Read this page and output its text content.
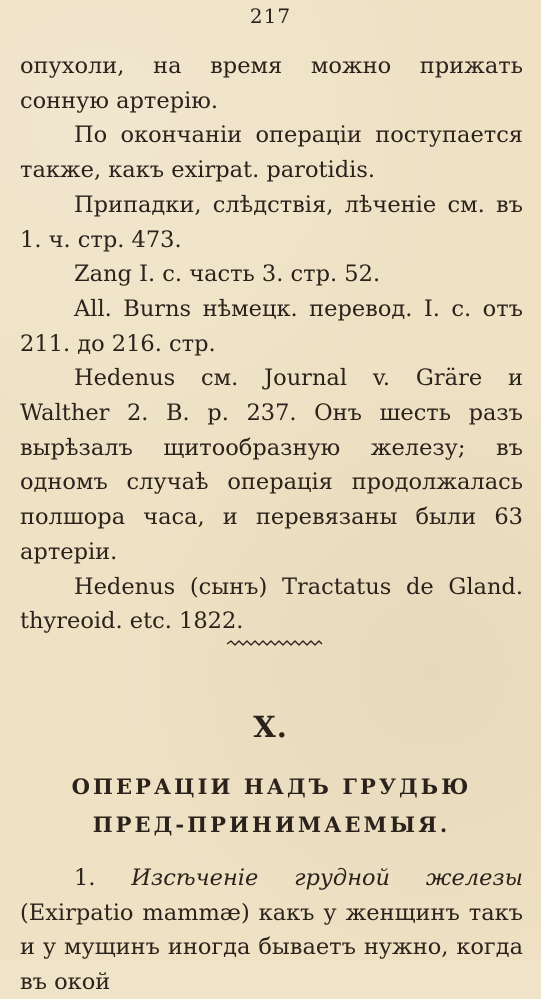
217

опухоли, на время можно прижать сонную артерію.

По окончаніи операціи поступается также, какъ exirpat. parotidis.

Припадки, слѣдствія, лѣченіе см. въ 1. ч. стр. 473.

Zang I. c. часть 3. стр. 52.

All. Burns нѣмецк. перевод. I. c. отъ 211. до 216. стр.

Hedenus см. Journal v. Gräre и Walther 2. B. p. 237. Онъ шесть разъ вырѣзалъ щитообразную железу; въ одномъ случаѣ операція продолжалась полшора часа, и перевязаны были 63 артеріи.

Hedenus (сынъ) Tractatus de Gland. thyreoid. etc. 1822.

X.
ОПЕРАЦІИ НАДЪ ГРУДЬЮ ПРЕД-ПРИНИМАЕМЫЯ.

1. Изсѣченіе грудной железы (Exirpatio mammæ) какъ у женщинъ такъ и у мущинъ иногда бываетъ нужно, когда въ окой
